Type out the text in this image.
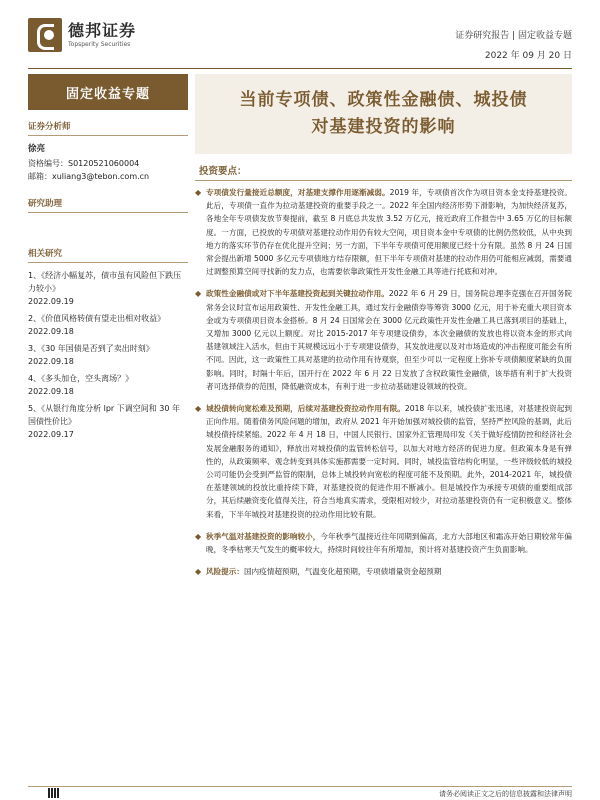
德邦证券
Topsperity Securities
证券研究报告 | 固定收益专题
2022 年 09 月 20 日
固定收益专题
证券分析师
徐亮
资格编号：S0120521060004
邮箱：xuliang3@tebon.com.cn
研究助理
相关研究
1、《经济小幅复苏，债市虽有风险但下跌压力较小》
2022.09.19
2、《价值风格转债有望走出相对收益》
2022.09.18
3、《30 年国债是否到了卖出时刻》
2022.09.18
4、《多头加仓，空头离场？》
2022.09.18
5、《从银行角度分析 lpr 下调空间和 30 年国债性价比》
2022.09.17
当前专项债、政策性金融债、城投债
对基建投资的影响
投资要点：
◆ 专项债发行量接近总额度，对基建支撑作用逐渐减弱。2019 年，专项债首次作为项目资本金支持基建投资。此后，专项债一直作为拉动基建投资的重要手段之一。2022 年全国内经济形势下滑影响，为加快经济复苏，各地全年专项债发放节奏提前，截至 8 月底总共发放 3.52 万亿元，接近政府工作报告中 3.65 万亿的目标额度。一方面，已投放的专项债对基建拉动作用仍有较大空间，项目资本金中专项债的比例仍然较低，从中央到地方的落实环节仍存在优化提升空间；另一方面，下半年专项债可使用额度已经十分有限。虽然 8 月 24 日国常会提出新增 5000 多亿元专项债地方结存限额，但下半年专项债对基建的拉动作用仍可能相应减弱，需要通过调整预算空间寻找新的发力点，也需要依靠政策性开发性金融工具等进行托底和对冲。
◆ 政策性金融债或对下半年基建投资起到关键拉动作用。2022 年 6 月 29 日，国务院总理李克强在召开国务院常务会议时宣布运用政策性、开发性金融工具，通过发行金融债券等筹资 3000 亿元，用于补充重大项目资本金或为专项债项目资本金搭桥。8 月 24 日国常会在 3000 亿元政策性开发性金融工具已落到项目的基础上，又增加 3000 亿元以上额度。对比 2015-2017 年专项建设债券，本次金融债的发放也将以资本金的形式向基建领域注入活水，但由于其规模远远小于专项建设债券，其发放进度以及对市场造成的冲击程度可能会有所不同。因此，这一政策性工具对基建的拉动作用有待观察，但至少可以一定程度上弥补专项债额度紧缺的负面影响。同时，时隔十年后，国开行在 2022 年 6 月 22 日发放了含权政策性金融债，该举措有利于扩大投资者可选择债券的范围，降低融资成本，有利于进一步拉动基础建设领域的投资。
◆ 城投债转向宽松难及预期，后续对基建投资拉动作用有限。2018 年以来，城投债扩张迅速，对基建投资起到正向作用。随着债务风险问题的增加，政府从 2021 年开始加强对城投债的监管，坚持严控风险的基调，此后城投债持续紧缩。2022 年 4 月 18 日，中国人民银行、国家外汇管理局印发《关于做好疫情防控和经济社会发展金融服务的通知》，释放出对城投债的监管转松信号，以加大对地方经济的促进力度。但政策本身是有弹性的，从政策频率、观念转变到具体实施都需要一定时间。同时，城投监管结构化明显，一些评级较低的城投公司可能仍会受到严监管的限制，总体上城投转向宽松的程度可能不及预期。此外，2014-2021 年，城投债在基建领域的投放比重持续下降，对基建投资的促进作用不断减小。但是城投作为承接专项债的重要组成部分，其后续融资变化值得关注，符合当地真实需求，受限相对较少，对拉动基建投资仍有一定积极意义。整体来看，下半年城投对基建投资的拉动作用比较有限。
◆ 秋季气温对基建投资的影响较小，今年秋季气温接近往年同期到偏高，北方大部地区和霜冻开始日期较常年偏晚，冬季枯寒天气发生的概率较大，持续时间较往年有所增加，预计将对基建投资产生负面影响。
◆ 风险提示：国内疫情超预期，气温变化超预期，专项债增量资金超预期
请务必阅读正文之后的信息披露和法律声明
